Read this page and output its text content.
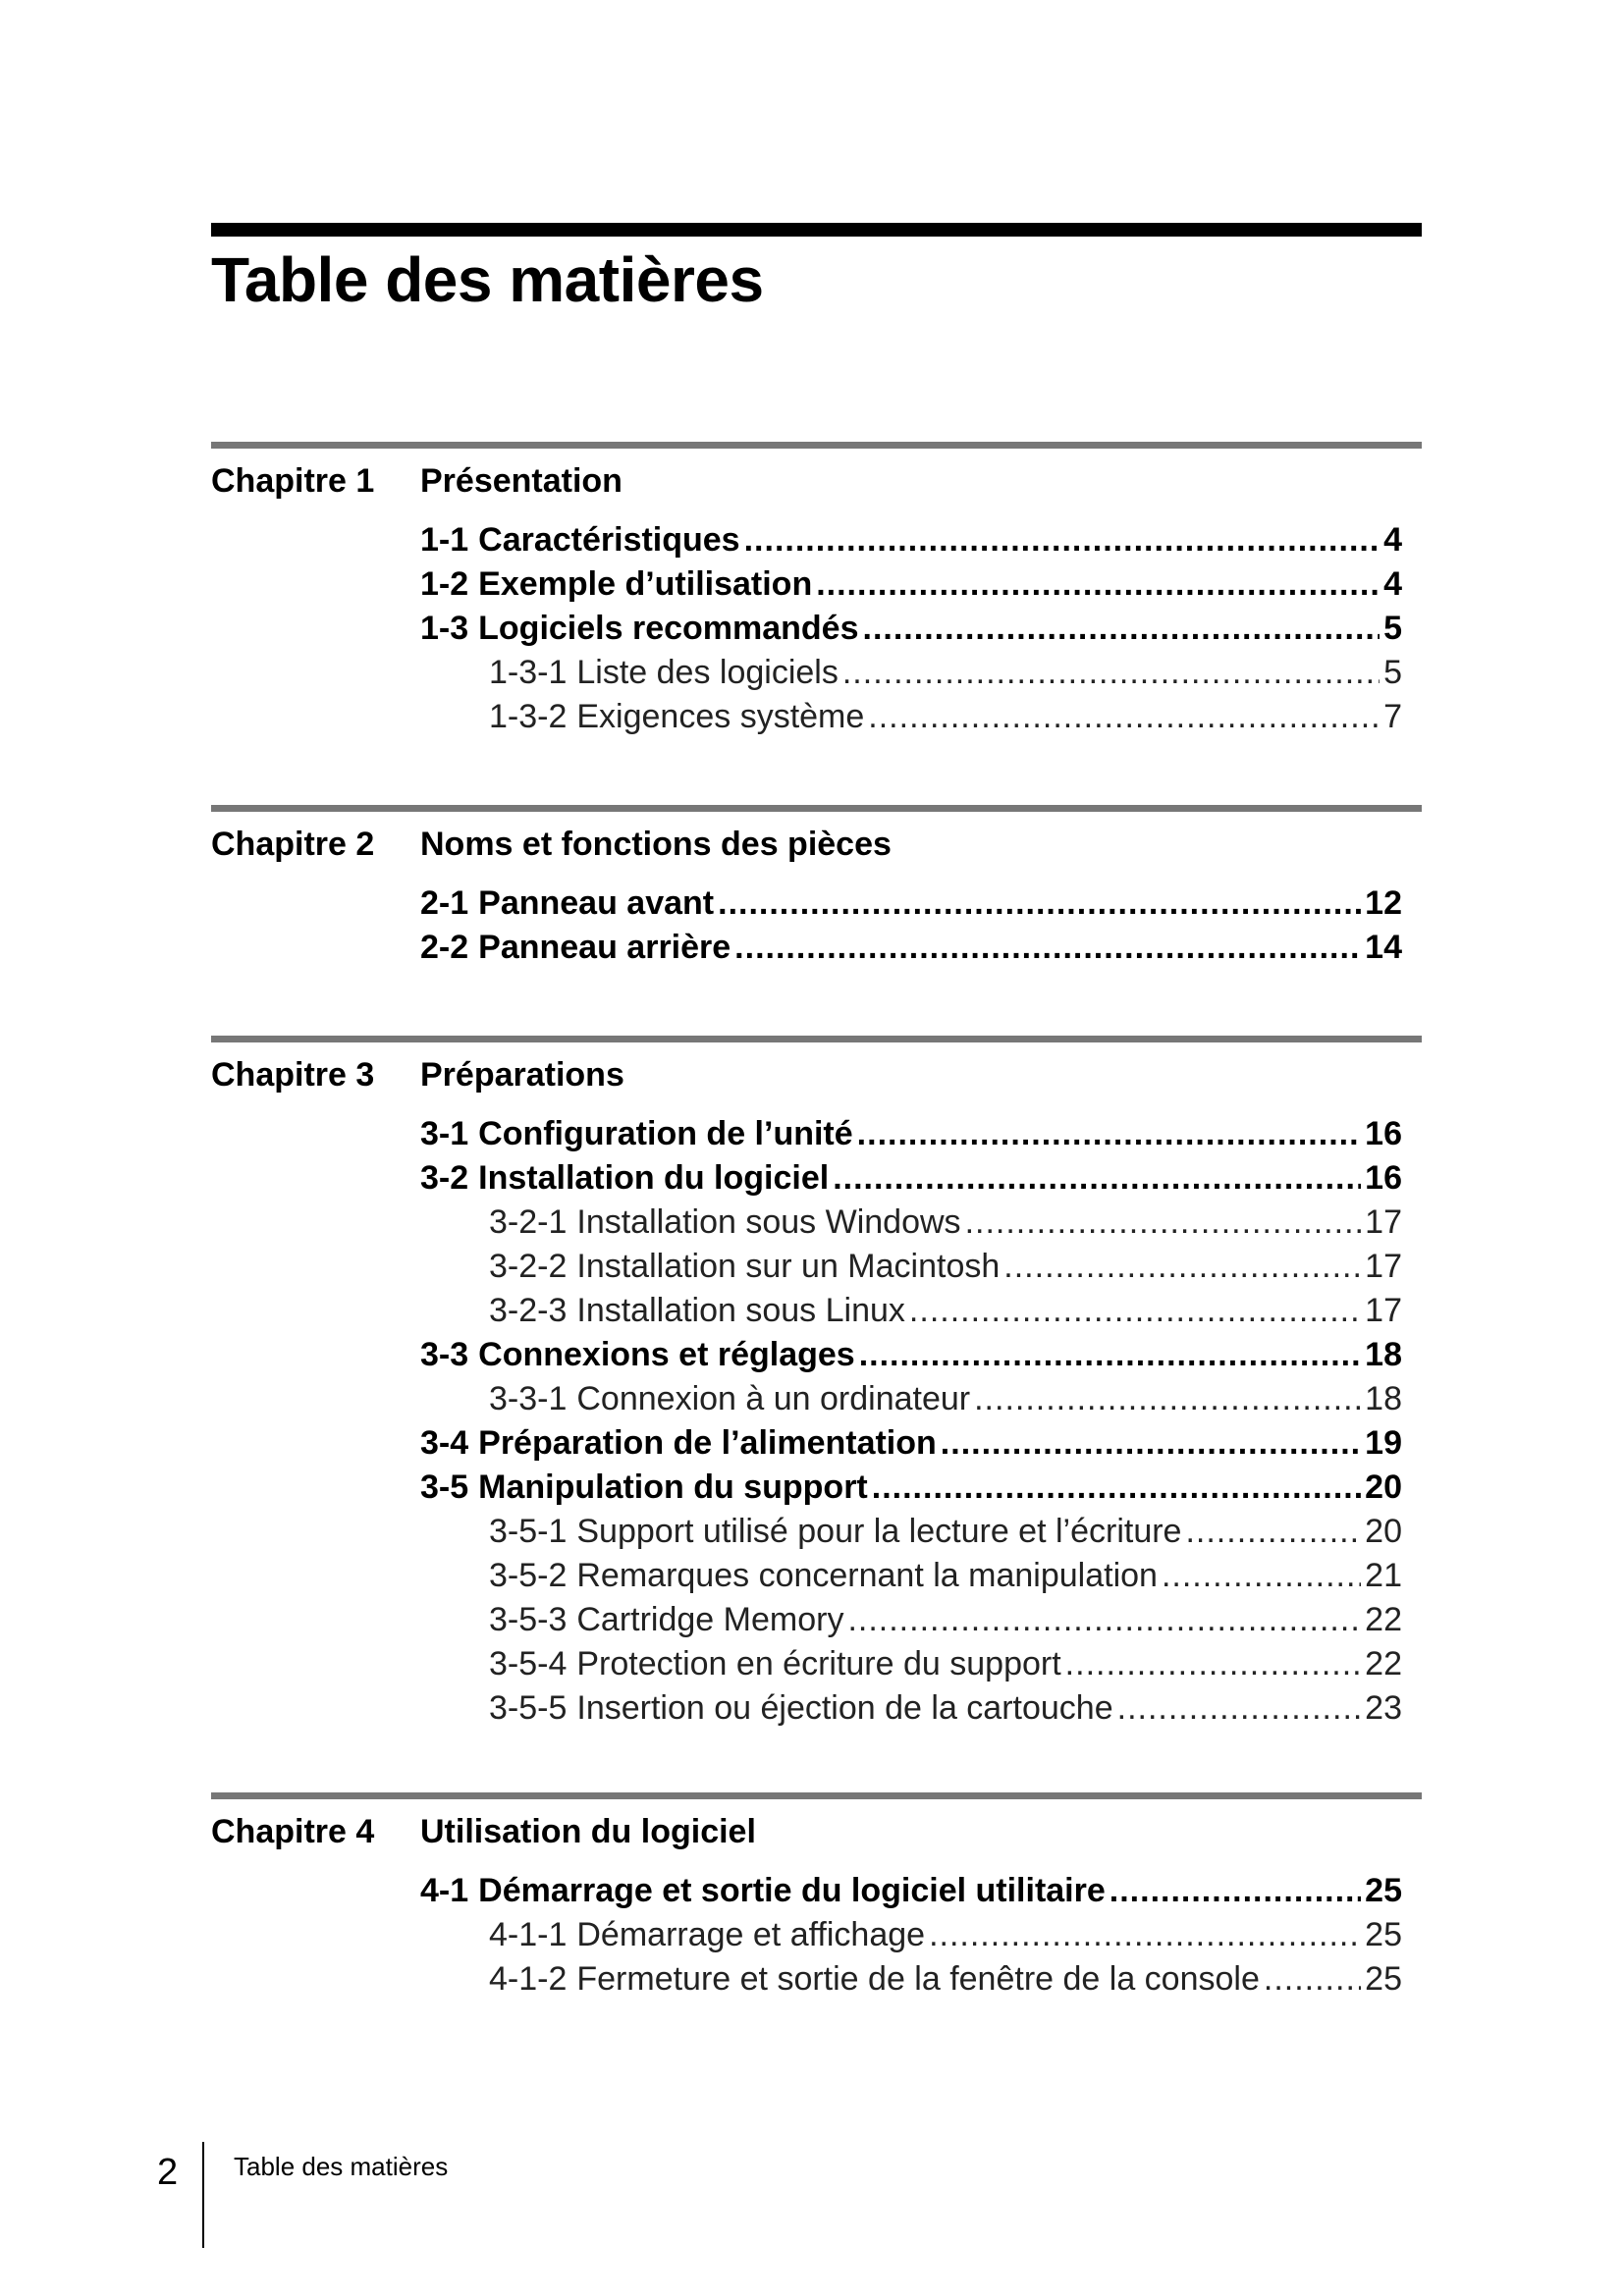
Table des matières
Chapitre 1 Présentation
1-1 Caractéristiques .....	4
1-2 Exemple d’utilisation .....	4
1-3 Logiciels recommandés .....	5
1-3-1 Liste des logiciels .....	5
1-3-2 Exigences système .....	7
Chapitre 2 Noms et fonctions des pièces
2-1 Panneau avant .....	12
2-2 Panneau arrière .....	14
Chapitre 3 Préparations
3-1 Configuration de l’unité .....	16
3-2 Installation du logiciel .....	16
3-2-1 Installation sous Windows .....	17
3-2-2 Installation sur un Macintosh .....	17
3-2-3 Installation sous Linux .....	17
3-3 Connexions et réglages .....	18
3-3-1 Connexion à un ordinateur .....	18
3-4 Préparation de l’alimentation .....	19
3-5 Manipulation du support .....	20
3-5-1 Support utilisé pour la lecture et l’écriture .....	20
3-5-2 Remarques concernant la manipulation .....	21
3-5-3 Cartridge Memory .....	22
3-5-4 Protection en écriture du support .....	22
3-5-5 Insertion ou éjection de la cartouche .....	23
Chapitre 4 Utilisation du logiciel
4-1 Démarrage et sortie du logiciel utilitaire .....	25
4-1-1 Démarrage et affichage .....	25
4-1-2 Fermeture et sortie de la fenêtre de la console .....	25
2 Table des matières
